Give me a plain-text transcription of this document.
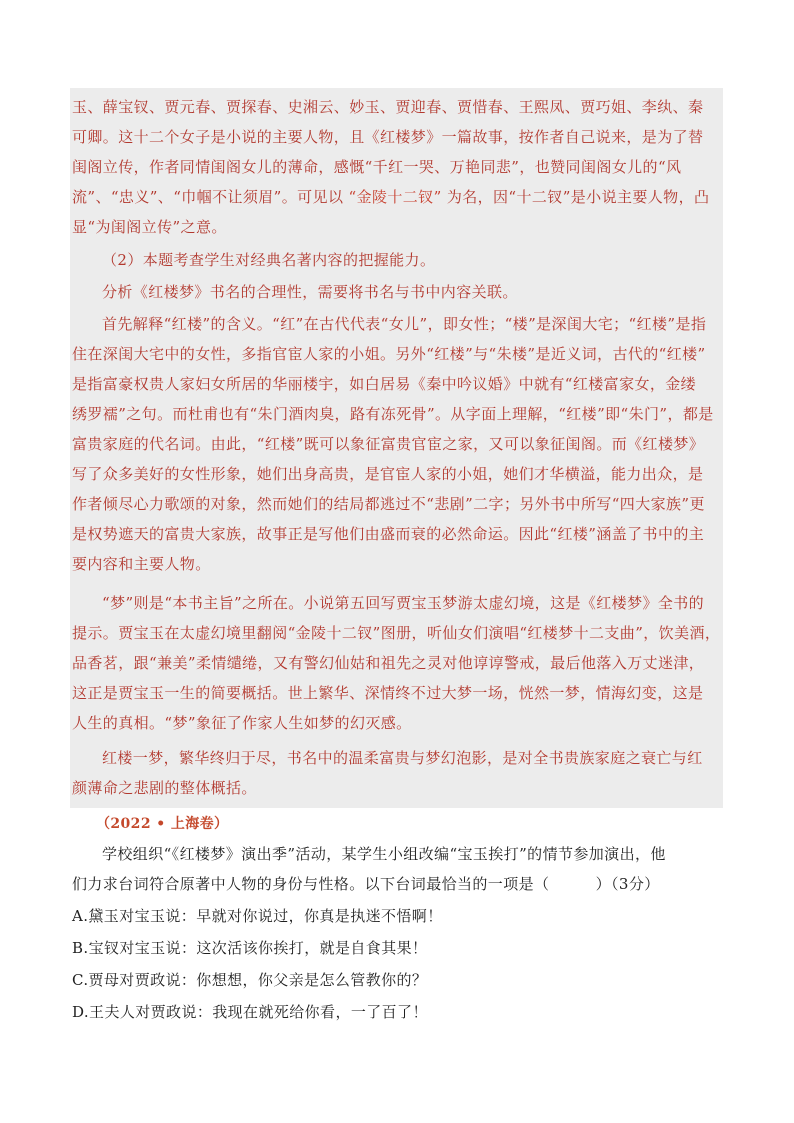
玉、薛宝钗、贾元春、贾探春、史湘云、妙玉、贾迎春、贾惜春、王熙凤、贾巧姐、李纨、秦
可卿。这十二个女子是小说的主要人物，且《红楼梦》一篇故事，按作者自己说来，是为了替
闺阁立传，作者同情闺阁女儿的薄命，感慨“千红一哭、万艳同悲”，也赞同闺阁女儿的“风
流”、“忠义”、“巾帼不让须眉”。可见以 “金陵十二钗” 为名，因“十二钗”是小说主要人物，凸
显“为闺阁立传”之意。
（2）本题考查学生对经典名著内容的把握能力。
分析《红楼梦》书名的合理性，需要将书名与书中内容关联。
首先解释“红楼”的含义。“红”在古代代表“女儿”，即女性；“楼”是深闺大宅；“红楼”是指
住在深闺大宅中的女性，多指官宦人家的小姐。另外“红楼”与“朱楼”是近义词，古代的“红楼”
是指富豪权贵人家妇女所居的华丽楼宇，如白居易《秦中吟议婚》中就有“红楼富家女，金缕
绣罗襦”之句。而杜甫也有“朱门酒肉臭，路有冻死骨”。从字面上理解，“红楼”即“朱门”，都是
富贵家庭的代名词。由此，“红楼”既可以象征富贵官宦之家，又可以象征闺阁。而《红楼梦》
写了众多美好的女性形象，她们出身高贵，是官宦人家的小姐，她们才华横溢，能力出众，是
作者倾尽心力歌颂的对象，然而她们的结局都逃过不“悲剧”二字；另外书中所写“四大家族”更
是权势遮天的富贵大家族，故事正是写他们由盛而衰的必然命运。因此“红楼”涵盖了书中的主
要内容和主要人物。
“梦”则是“本书主旨”之所在。小说第五回写贾宝玉梦游太虚幻境，这是《红楼梦》全书的
提示。贾宝玉在太虚幻境里翻阅“金陵十二钗”图册，听仙女们演唱“红楼梦十二支曲”，饮美酒，
品香茗，跟“兼美”柔情缱绻，又有警幻仙姑和祖先之灵对他谆谆警戒，最后他落入万丈迷津，
这正是贾宝玉一生的简要概括。世上繁华、深情终不过大梦一场，恍然一梦，情海幻变，这是
人生的真相。“梦”象征了作家人生如梦的幻灭感。
红楼一梦，繁华终归于尽，书名中的温柔富贵与梦幻泡影，是对全书贵族家庭之衰亡与红
颜薄命之悲剧的整体概括。
（2022 • 上海卷）
学校组织“《红楼梦》演出季”活动，某学生小组改编“宝玉挨打”的情节参加演出，他
们力求台词符合原著中人物的身份与性格。以下台词最恰当的一项是（　　　）（3分）
A.黛玉对宝玉说：早就对你说过，你真是执迷不悟啊！
B.宝钗对宝玉说：这次活该你挨打，就是自食其果！
C.贾母对贾政说：你想想，你父亲是怎么管教你的？
D.王夫人对贾政说：我现在就死给你看，一了百了！
